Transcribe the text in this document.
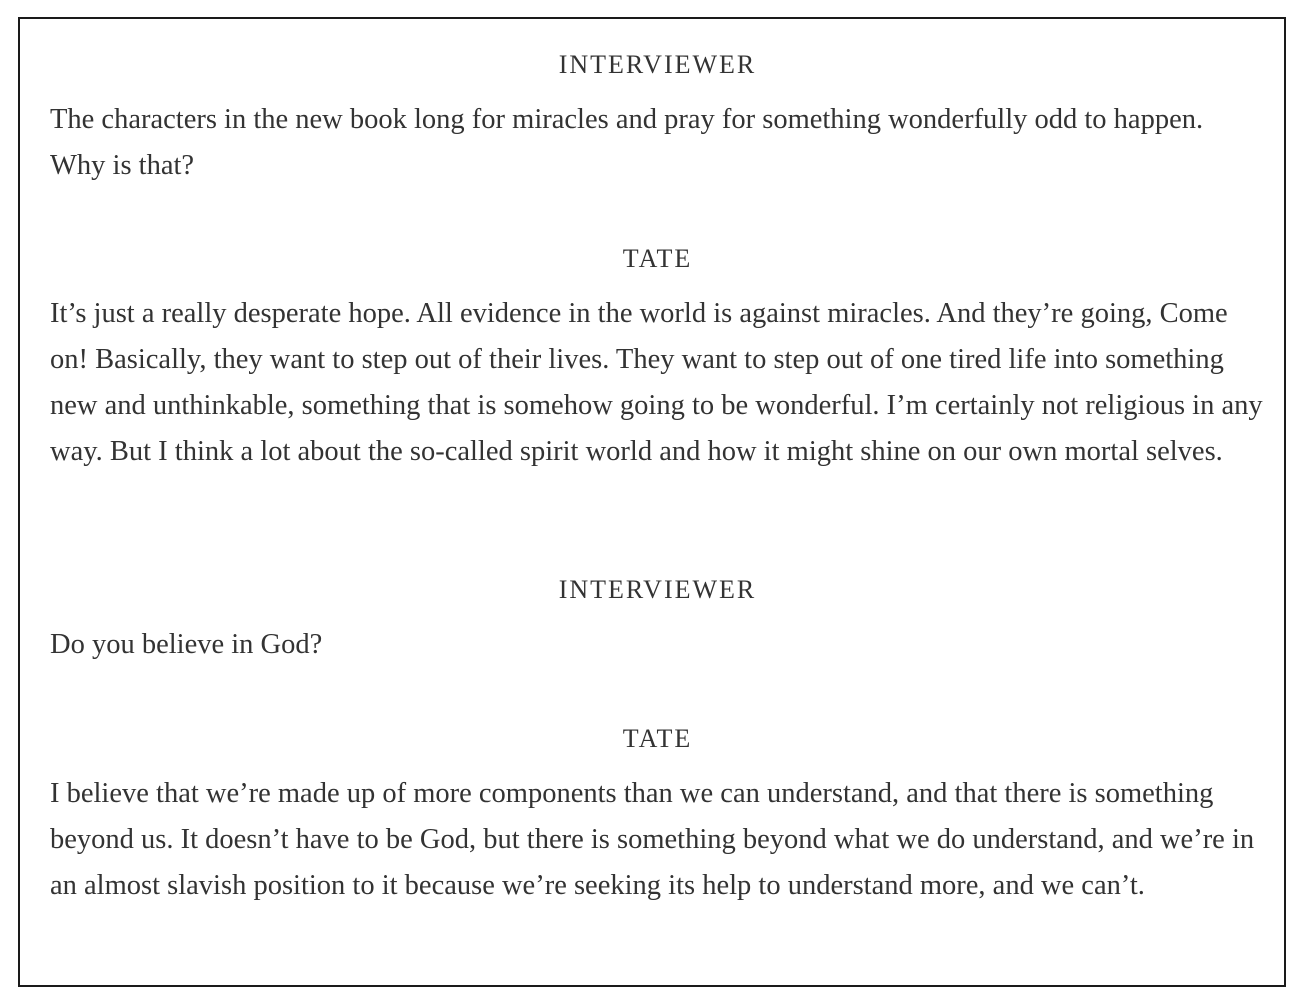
INTERVIEWER

The characters in the new book long for miracles and pray for something wonderfully odd to happen. Why is that?

TATE

It’s just a really desperate hope. All evidence in the world is against miracles. And they’re going, Come on! Basically, they want to step out of their lives. They want to step out of one tired life into something new and unthinkable, something that is somehow going to be wonderful. I’m certainly not religious in any way. But I think a lot about the so-called spirit world and how it might shine on our own mortal selves.

INTERVIEWER

Do you believe in God?

TATE

I believe that we’re made up of more components than we can understand, and that there is something beyond us. It doesn’t have to be God, but there is something beyond what we do understand, and we’re in an almost slavish position to it because we’re seeking its help to understand more, and we can’t.
